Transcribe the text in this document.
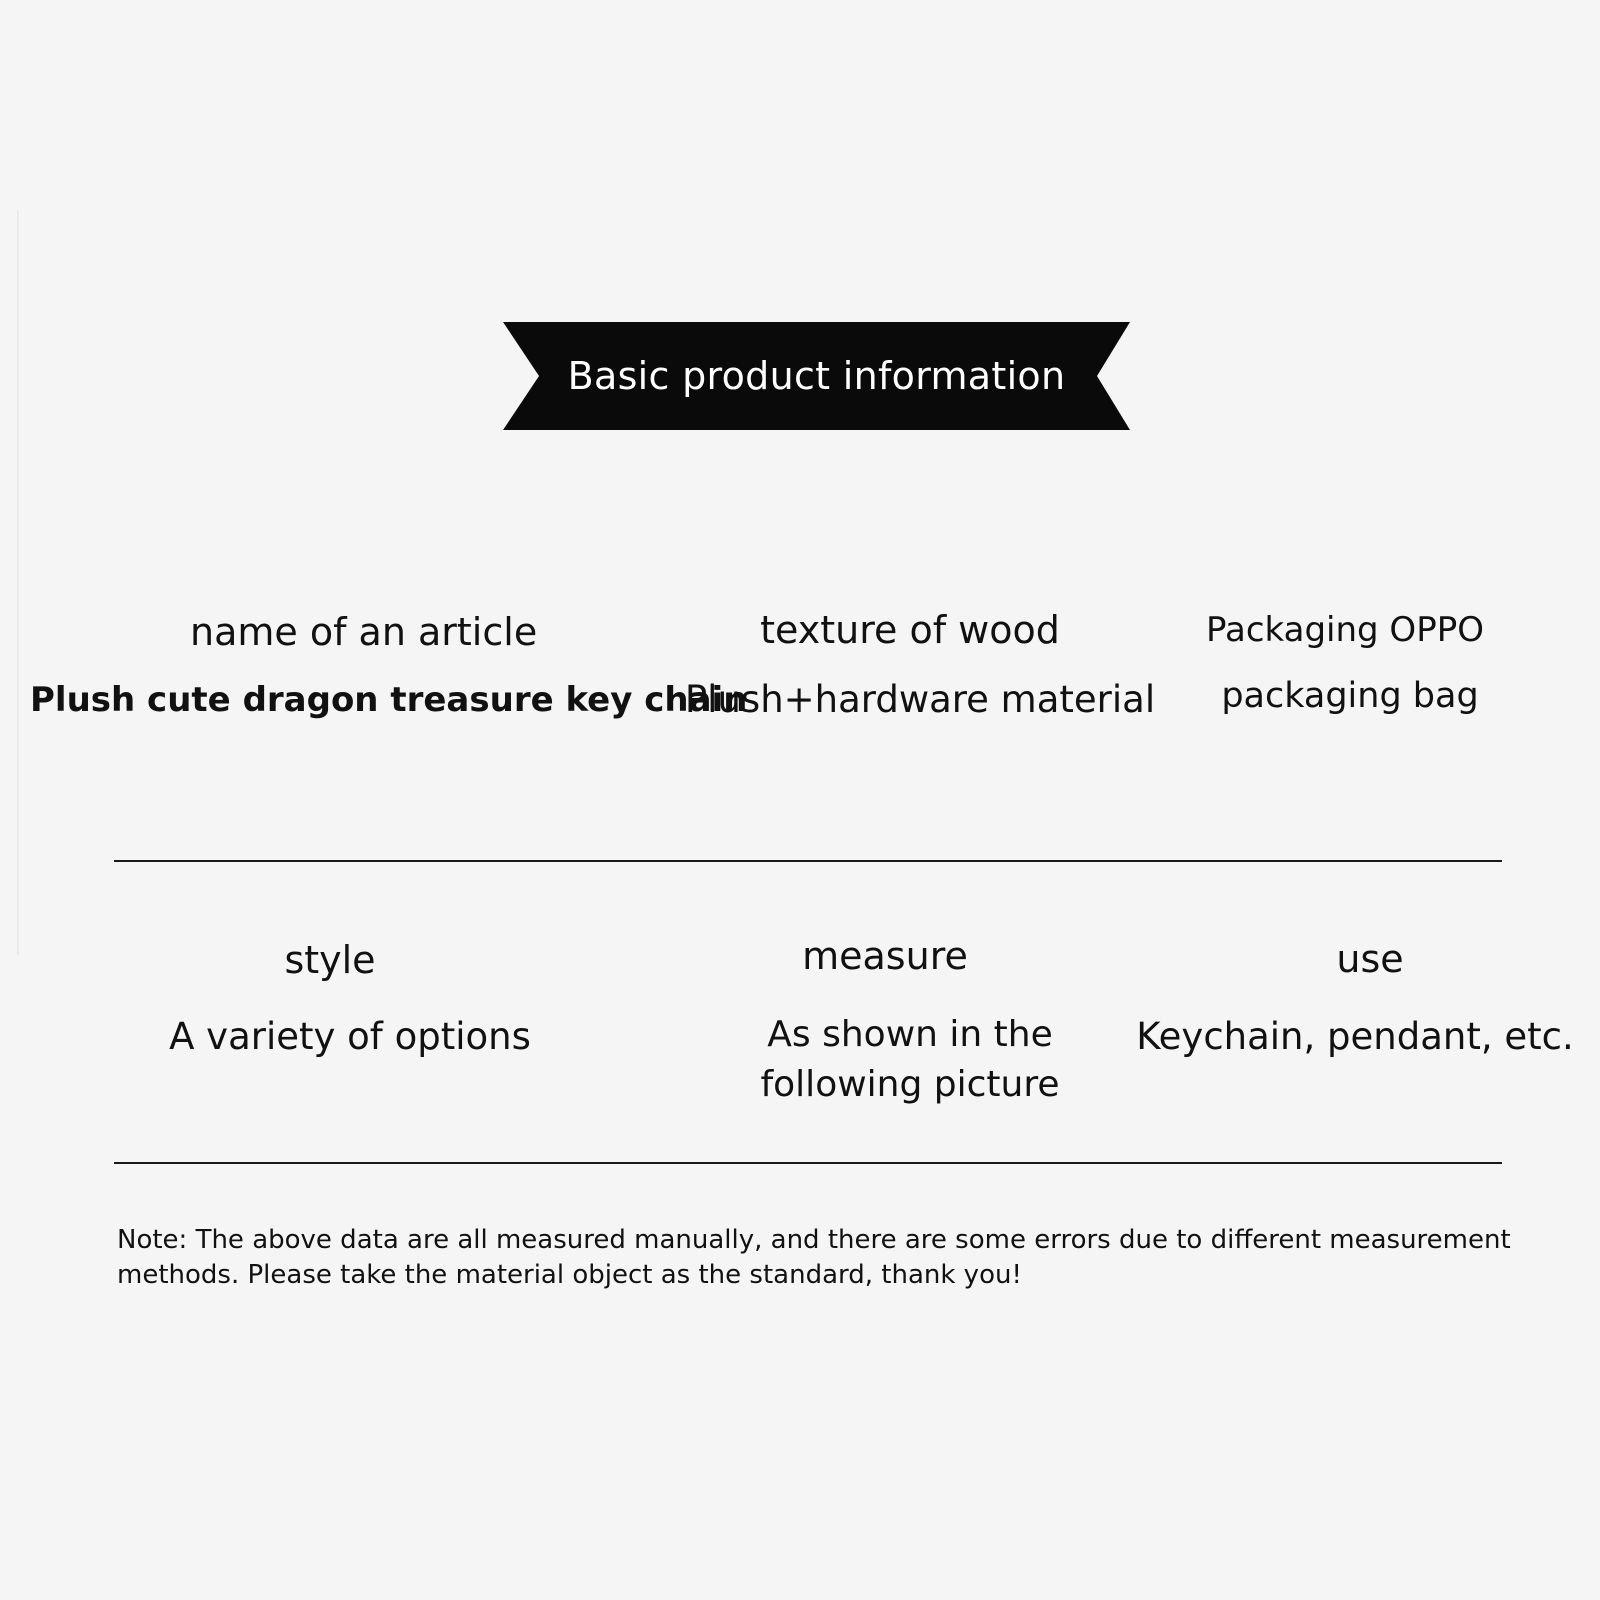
Basic product information
name of an article
Plush cute dragon treasure key chain
texture of wood
Plush+hardware material
Packaging OPPO
packaging bag
style
A variety of options
measure
As shown in the
following picture
use
Keychain, pendant, etc.
Note: The above data are all measured manually, and there are some errors due to different measurement
methods. Please take the material object as the standard, thank you!
